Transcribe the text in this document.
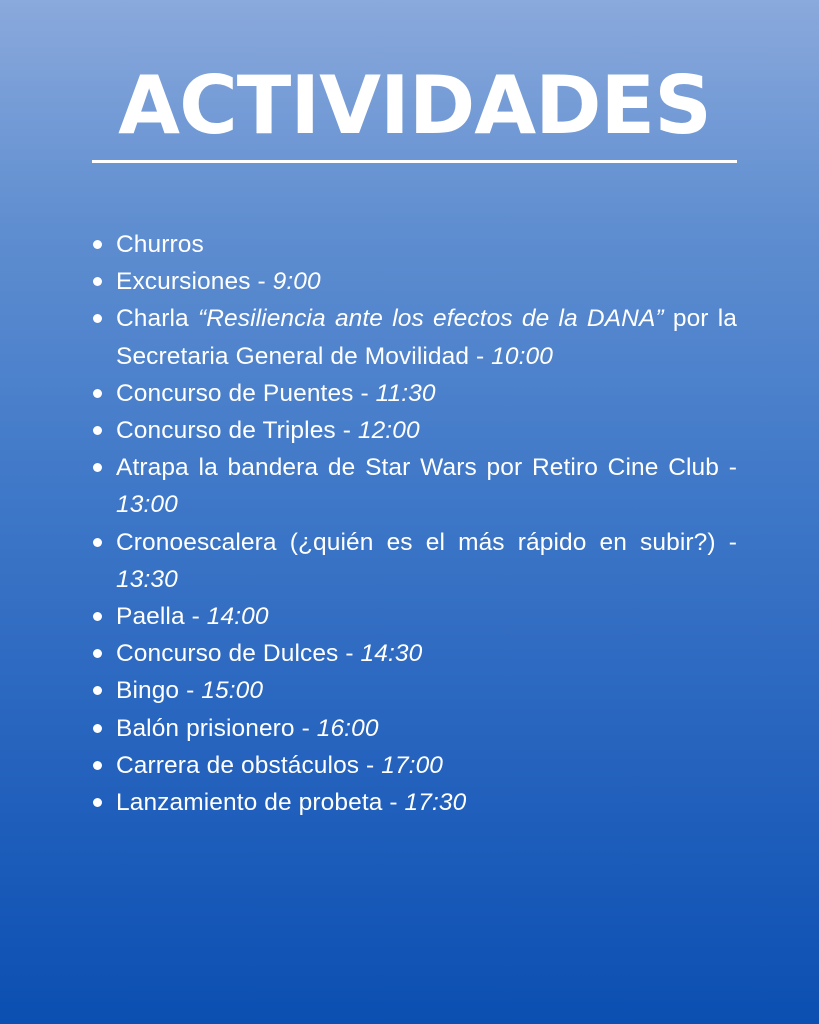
ACTIVIDADES
Churros
Excursiones - 9:00
Charla “Resiliencia ante los efectos de la DANA” por la Secretaria General de Movilidad - 10:00
Concurso de Puentes - 11:30
Concurso de Triples - 12:00
Atrapa la bandera de Star Wars por Retiro Cine Club - 13:00
Cronoescalera (¿quién es el más rápido en subir?) - 13:30
Paella - 14:00
Concurso de Dulces - 14:30
Bingo - 15:00
Balón prisionero - 16:00
Carrera de obstáculos - 17:00
Lanzamiento de probeta - 17:30
